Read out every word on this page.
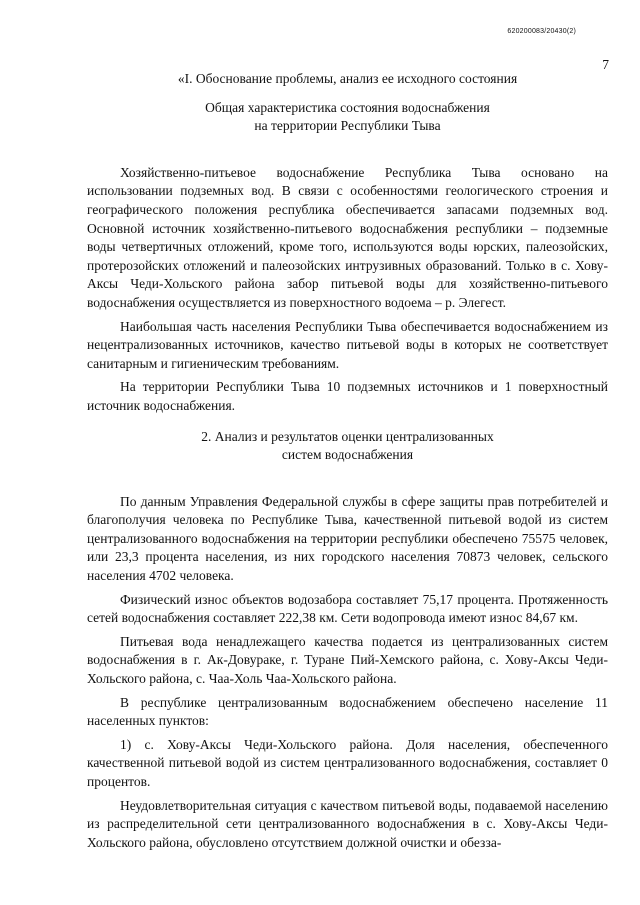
620200083/20430(2)
7
«I. Обоснование проблемы, анализ ее исходного состояния
Общая характеристика состояния водоснабжения
на территории Республики Тыва

Хозяйственно-питьевое водоснабжение Республика Тыва основано на использовании подземных вод. В связи с особенностями геологического строения и географического положения республика обеспечивается запасами подземных вод. Основной источник хозяйственно-питьевого водоснабжения республики – подземные воды четвертичных отложений, кроме того, используются воды юрских, палеозойских, протерозойских отложений и палеозойских интрузивных образований. Только в с. Хову-Аксы Чеди-Хольского района забор питьевой воды для хозяйственно-питьевого водоснабжения осуществляется из поверхностного водоема – р. Элегест.

Наибольшая часть населения Республики Тыва обеспечивается водоснабжением из нецентрализованных источников, качество питьевой воды в которых не соответствует санитарным и гигиеническим требованиям.

На территории Республики Тыва 10 подземных источников и 1 поверхностный источник водоснабжения.

2. Анализ и результатов оценки централизованных
систем водоснабжения

По данным Управления Федеральной службы в сфере защиты прав потребителей и благополучия человека по Республике Тыва, качественной питьевой водой из систем централизованного водоснабжения на территории республики обеспечено 75575 человек, или 23,3 процента населения, из них городского населения 70873 человек, сельского населения 4702 человека.

Физический износ объектов водозабора составляет 75,17 процента. Протяженность сетей водоснабжения составляет 222,38 км. Сети водопровода имеют износ 84,67 км.

Питьевая вода ненадлежащего качества подается из централизованных систем водоснабжения в г. Ак-Довураке, г. Туране Пий-Хемского района, с. Хову-Аксы Чеди-Хольского района, с. Чаа-Холь Чаа-Хольского района.

В республике централизованным водоснабжением обеспечено население 11 населенных пунктов:

1) с. Хову-Аксы Чеди-Хольского района. Доля населения, обеспеченного качественной питьевой водой из систем централизованного водоснабжения, составляет 0 процентов.

Неудовлетворительная ситуация с качеством питьевой воды, подаваемой населению из распределительной сети централизованного водоснабжения в с. Хову-Аксы Чеди-Хольского района, обусловлено отсутствием должной очистки и обезза-
